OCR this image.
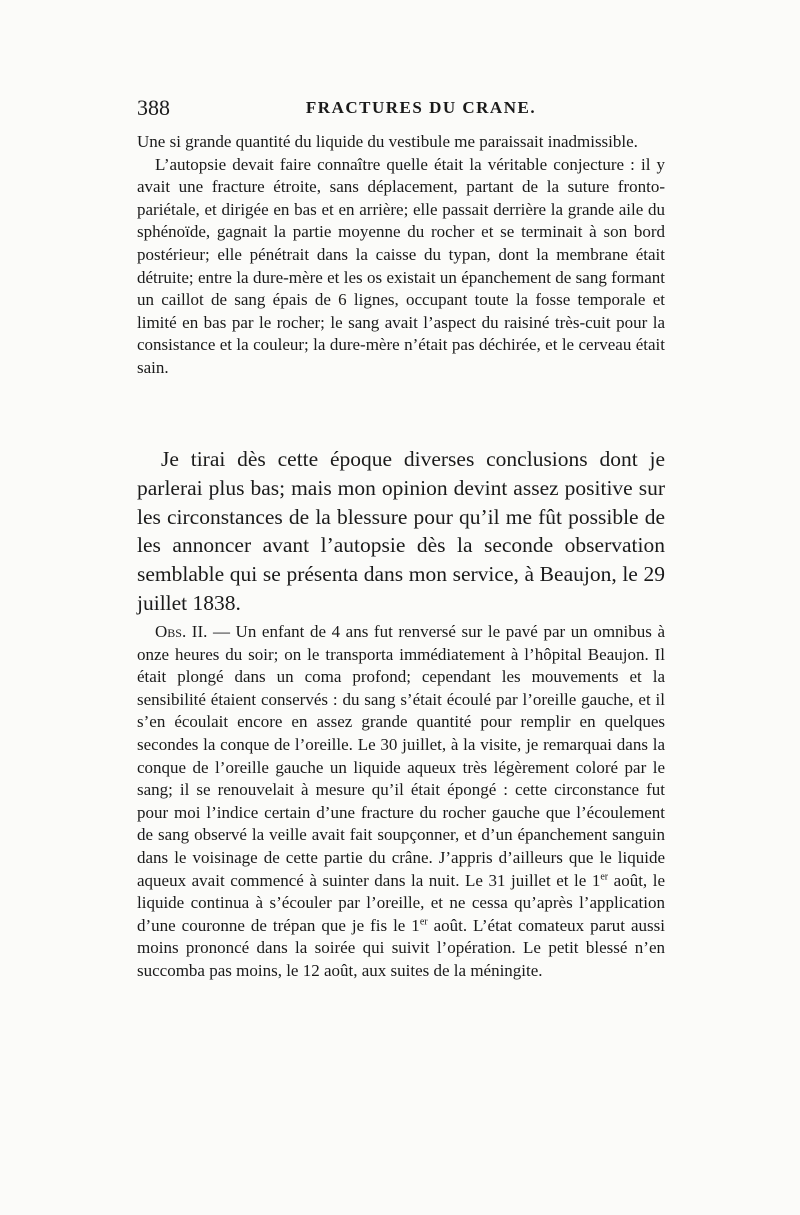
388	FRACTURES DU CRANE.
Une si grande quantité du liquide du vestibule me paraissait inadmissible.
L’autopsie devait faire connaître quelle était la véritable conjecture : il y avait une fracture étroite, sans déplacement, partant de la suture fronto-pariétale, et dirigée en bas et en arrière; elle passait derrière la grande aile du sphénoïde, gagnait la partie moyenne du rocher et se terminait à son bord postérieur; elle pénétrait dans la caisse du typan, dont la membrane était détruite; entre la dure-mère et les os existait un épanchement de sang formant un caillot de sang épais de 6 lignes, occupant toute la fosse temporale et limité en bas par le rocher; le sang avait l’aspect du raisiné très-cuit pour la consistance et la couleur; la dure-mère n’était pas déchirée, et le cerveau était sain.

Je tirai dès cette époque diverses conclusions dont je parlerai plus bas; mais mon opinion devint assez positive sur les circonstances de la blessure pour qu’il me fût possible de les annoncer avant l’autopsie dès la seconde observation semblable qui se présenta dans mon service, à Beaujon, le 29 juillet 1838.

Obs. II. — Un enfant de 4 ans fut renversé sur le pavé par un omnibus à onze heures du soir; on le transporta immédiatement à l’hôpital Beaujon. Il était plongé dans un coma profond; cependant les mouvements et la sensibilité étaient conservés : du sang s’était écoulé par l’oreille gauche, et il s’en écoulait encore en assez grande quantité pour remplir en quelques secondes la conque de l’oreille. Le 30 juillet, à la visite, je remarquai dans la conque de l’oreille gauche un liquide aqueux très légèrement coloré par le sang; il se renouvelait à mesure qu’il était épongé : cette circonstance fut pour moi l’indice certain d’une fracture du rocher gauche que l’écoulement de sang observé la veille avait fait soupçonner, et d’un épanchement sanguin dans le voisinage de cette partie du crâne. J’appris d’ailleurs que le liquide aqueux avait commencé à suinter dans la nuit. Le 31 juillet et le 1er août, le liquide continua à s’écouler par l’oreille, et ne cessa qu’après l’application d’une couronne de trépan que je fis le 1er août. L’état comateux parut aussi moins prononcé dans la soirée qui suivit l’opération. Le petit blessé n’en succomba pas moins, le 12 août, aux suites de la méningite.
